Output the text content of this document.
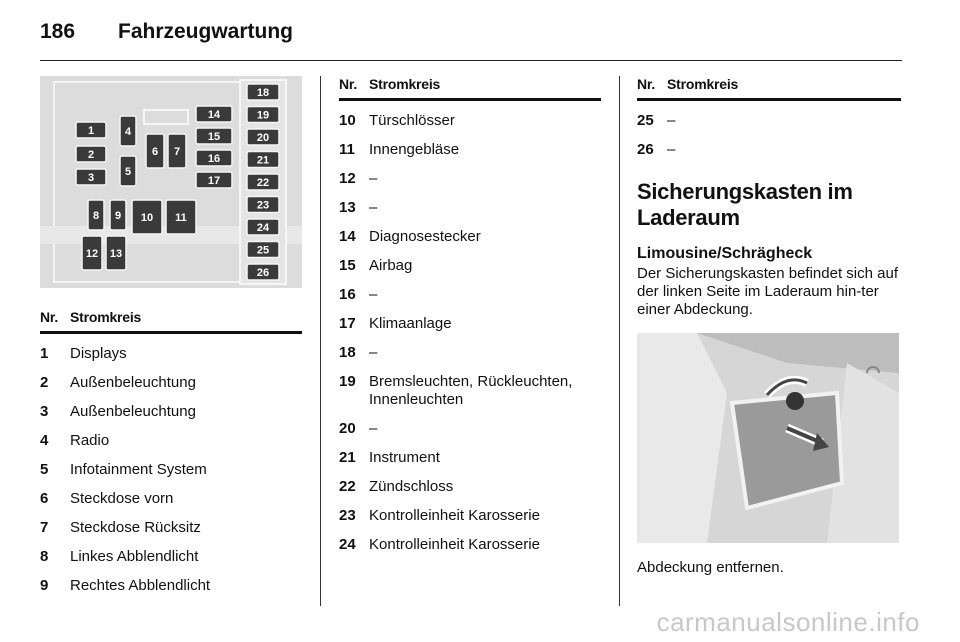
186	Fahrzeugwartung
1
2
3
4
5
6 7
8 9 10 11
12 13
14
15
16
17
18
19
20
21
22
23
24
25
26
Nr. Stromkreis
1	Displays
2	Außenbeleuchtung
3	Außenbeleuchtung
4	Radio
5	Infotainment System
6	Steckdose vorn
7	Steckdose Rücksitz
8	Linkes Abblendlicht
9	Rechtes Abblendlicht
Nr. Stromkreis
10 Türschlösser
11 Innengebläse
12 –
13 –
14 Diagnosestecker
15 Airbag
16 –
17 Klimaanlage
18 –
19 Bremsleuchten, Rückleuchten, Innenleuchten
20 –
21 Instrument
22 Zündschloss
23 Kontrolleinheit Karosserie
24 Kontrolleinheit Karosserie
Nr. Stromkreis
25 –
26 –
Sicherungskasten im Laderaum
Limousine/Schrägheck
Der Sicherungskasten befindet sich auf der linken Seite im Laderaum hin-ter einer Abdeckung.
Abdeckung entfernen.
carmanualsonline.info
